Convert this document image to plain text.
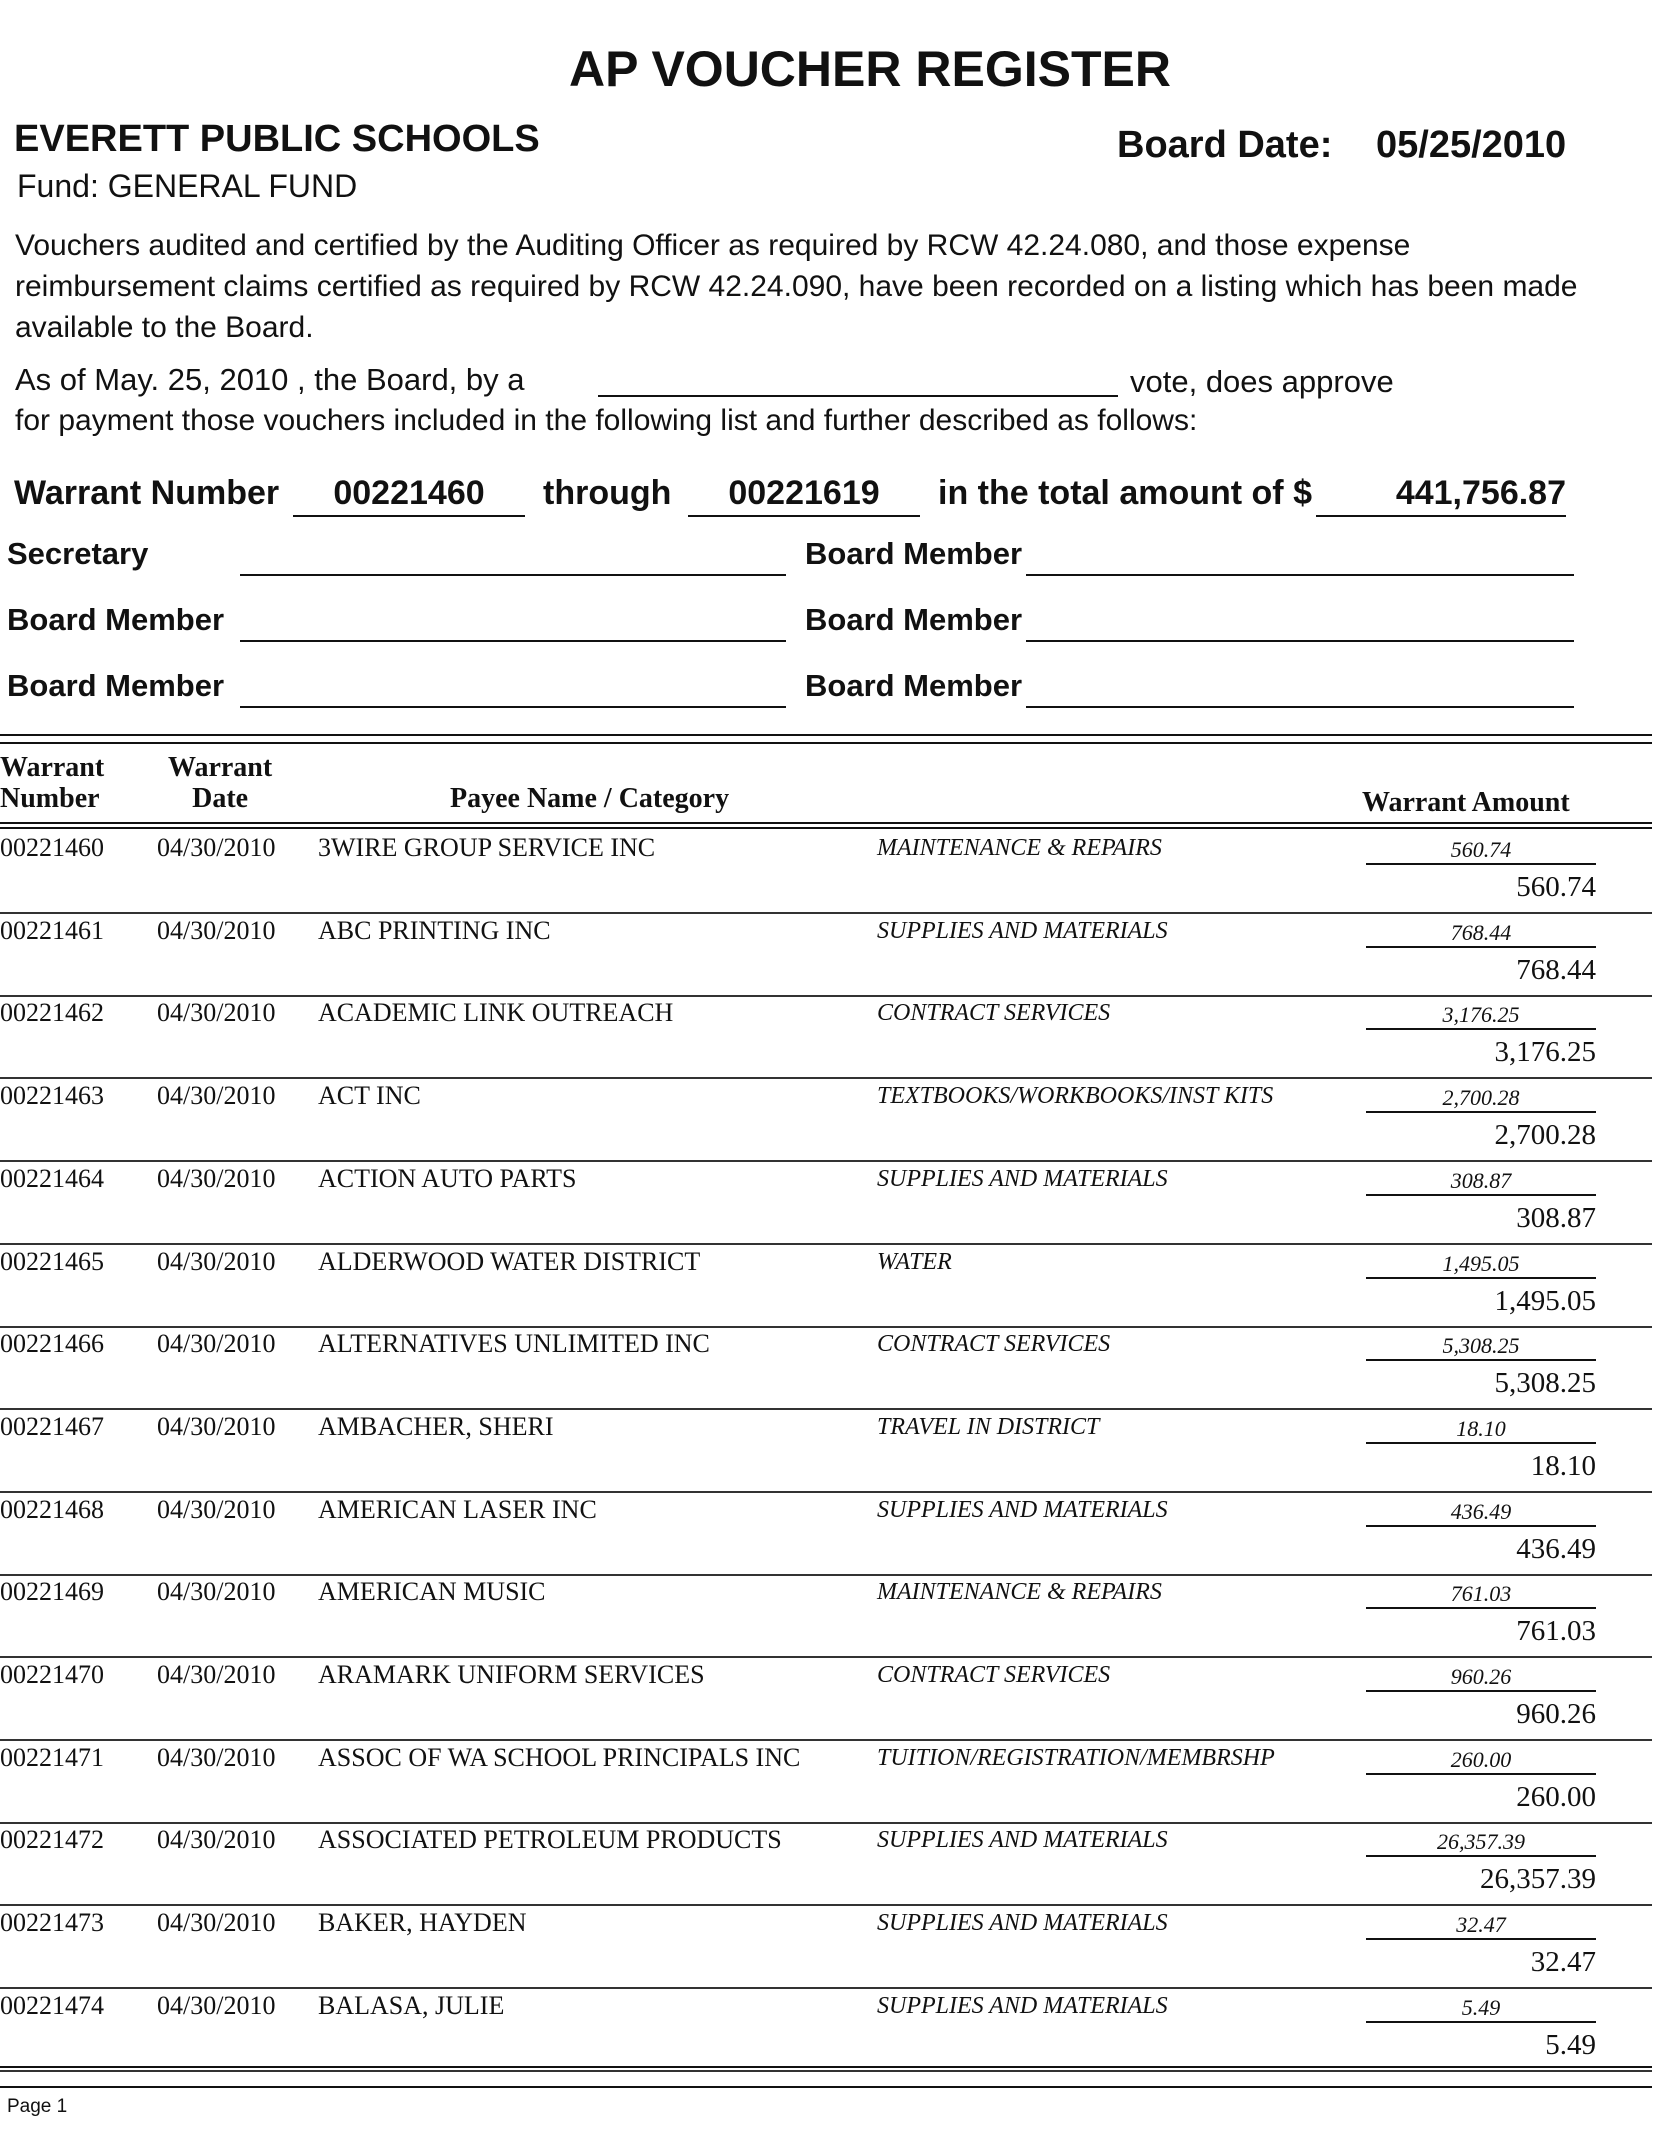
AP VOUCHER REGISTER
EVERETT PUBLIC SCHOOLS	Board Date: 05/25/2010
Fund: GENERAL FUND
Vouchers audited and certified by the Auditing Officer as required by RCW 42.24.080, and those expense reimbursement claims certified as required by RCW 42.24.090, have been recorded on a listing which has been made available to the Board.
As of May. 25, 2010 , the Board, by a	vote, does approve
for payment those vouchers included in the following list and further described as follows:
Warrant Number	00221460	through	00221619	in the total amount of $	441,756.87
Secretary	Board Member
Board Member	Board Member
Board Member	Board Member
Warrant
Number
Warrant
Date	Payee Name / Category	Warrant Amount
00221460 04/30/2010 3WIRE GROUP SERVICE INC	MAINTENANCE & REPAIRS	560.74
560.74
00221461 04/30/2010 ABC PRINTING INC	SUPPLIES AND MATERIALS	768.44
768.44
00221462 04/30/2010 ACADEMIC LINK OUTREACH	CONTRACT SERVICES	3,176.25
3,176.25
00221463 04/30/2010 ACT INC	TEXTBOOKS/WORKBOOKS/INST KITS	2,700.28
2,700.28
00221464 04/30/2010 ACTION AUTO PARTS	SUPPLIES AND MATERIALS	308.87
308.87
00221465 04/30/2010 ALDERWOOD WATER DISTRICT	WATER	1,495.05
1,495.05
00221466 04/30/2010 ALTERNATIVES UNLIMITED INC	CONTRACT SERVICES	5,308.25
5,308.25
00221467 04/30/2010 AMBACHER, SHERI	TRAVEL IN DISTRICT	18.10
18.10
00221468 04/30/2010 AMERICAN LASER INC	SUPPLIES AND MATERIALS	436.49
436.49
00221469 04/30/2010 AMERICAN MUSIC	MAINTENANCE & REPAIRS	761.03
761.03
00221470 04/30/2010 ARAMARK UNIFORM SERVICES	CONTRACT SERVICES	960.26
960.26
00221471 04/30/2010 ASSOC OF WA SCHOOL PRINCIPALS INC	TUITION/REGISTRATION/MEMBRSHP	260.00
260.00
00221472 04/30/2010 ASSOCIATED PETROLEUM PRODUCTS	SUPPLIES AND MATERIALS	26,357.39
26,357.39
00221473 04/30/2010 BAKER, HAYDEN	SUPPLIES AND MATERIALS	32.47
32.47
00221474 04/30/2010 BALASA, JULIE	SUPPLIES AND MATERIALS	5.49
5.49
Page 1
